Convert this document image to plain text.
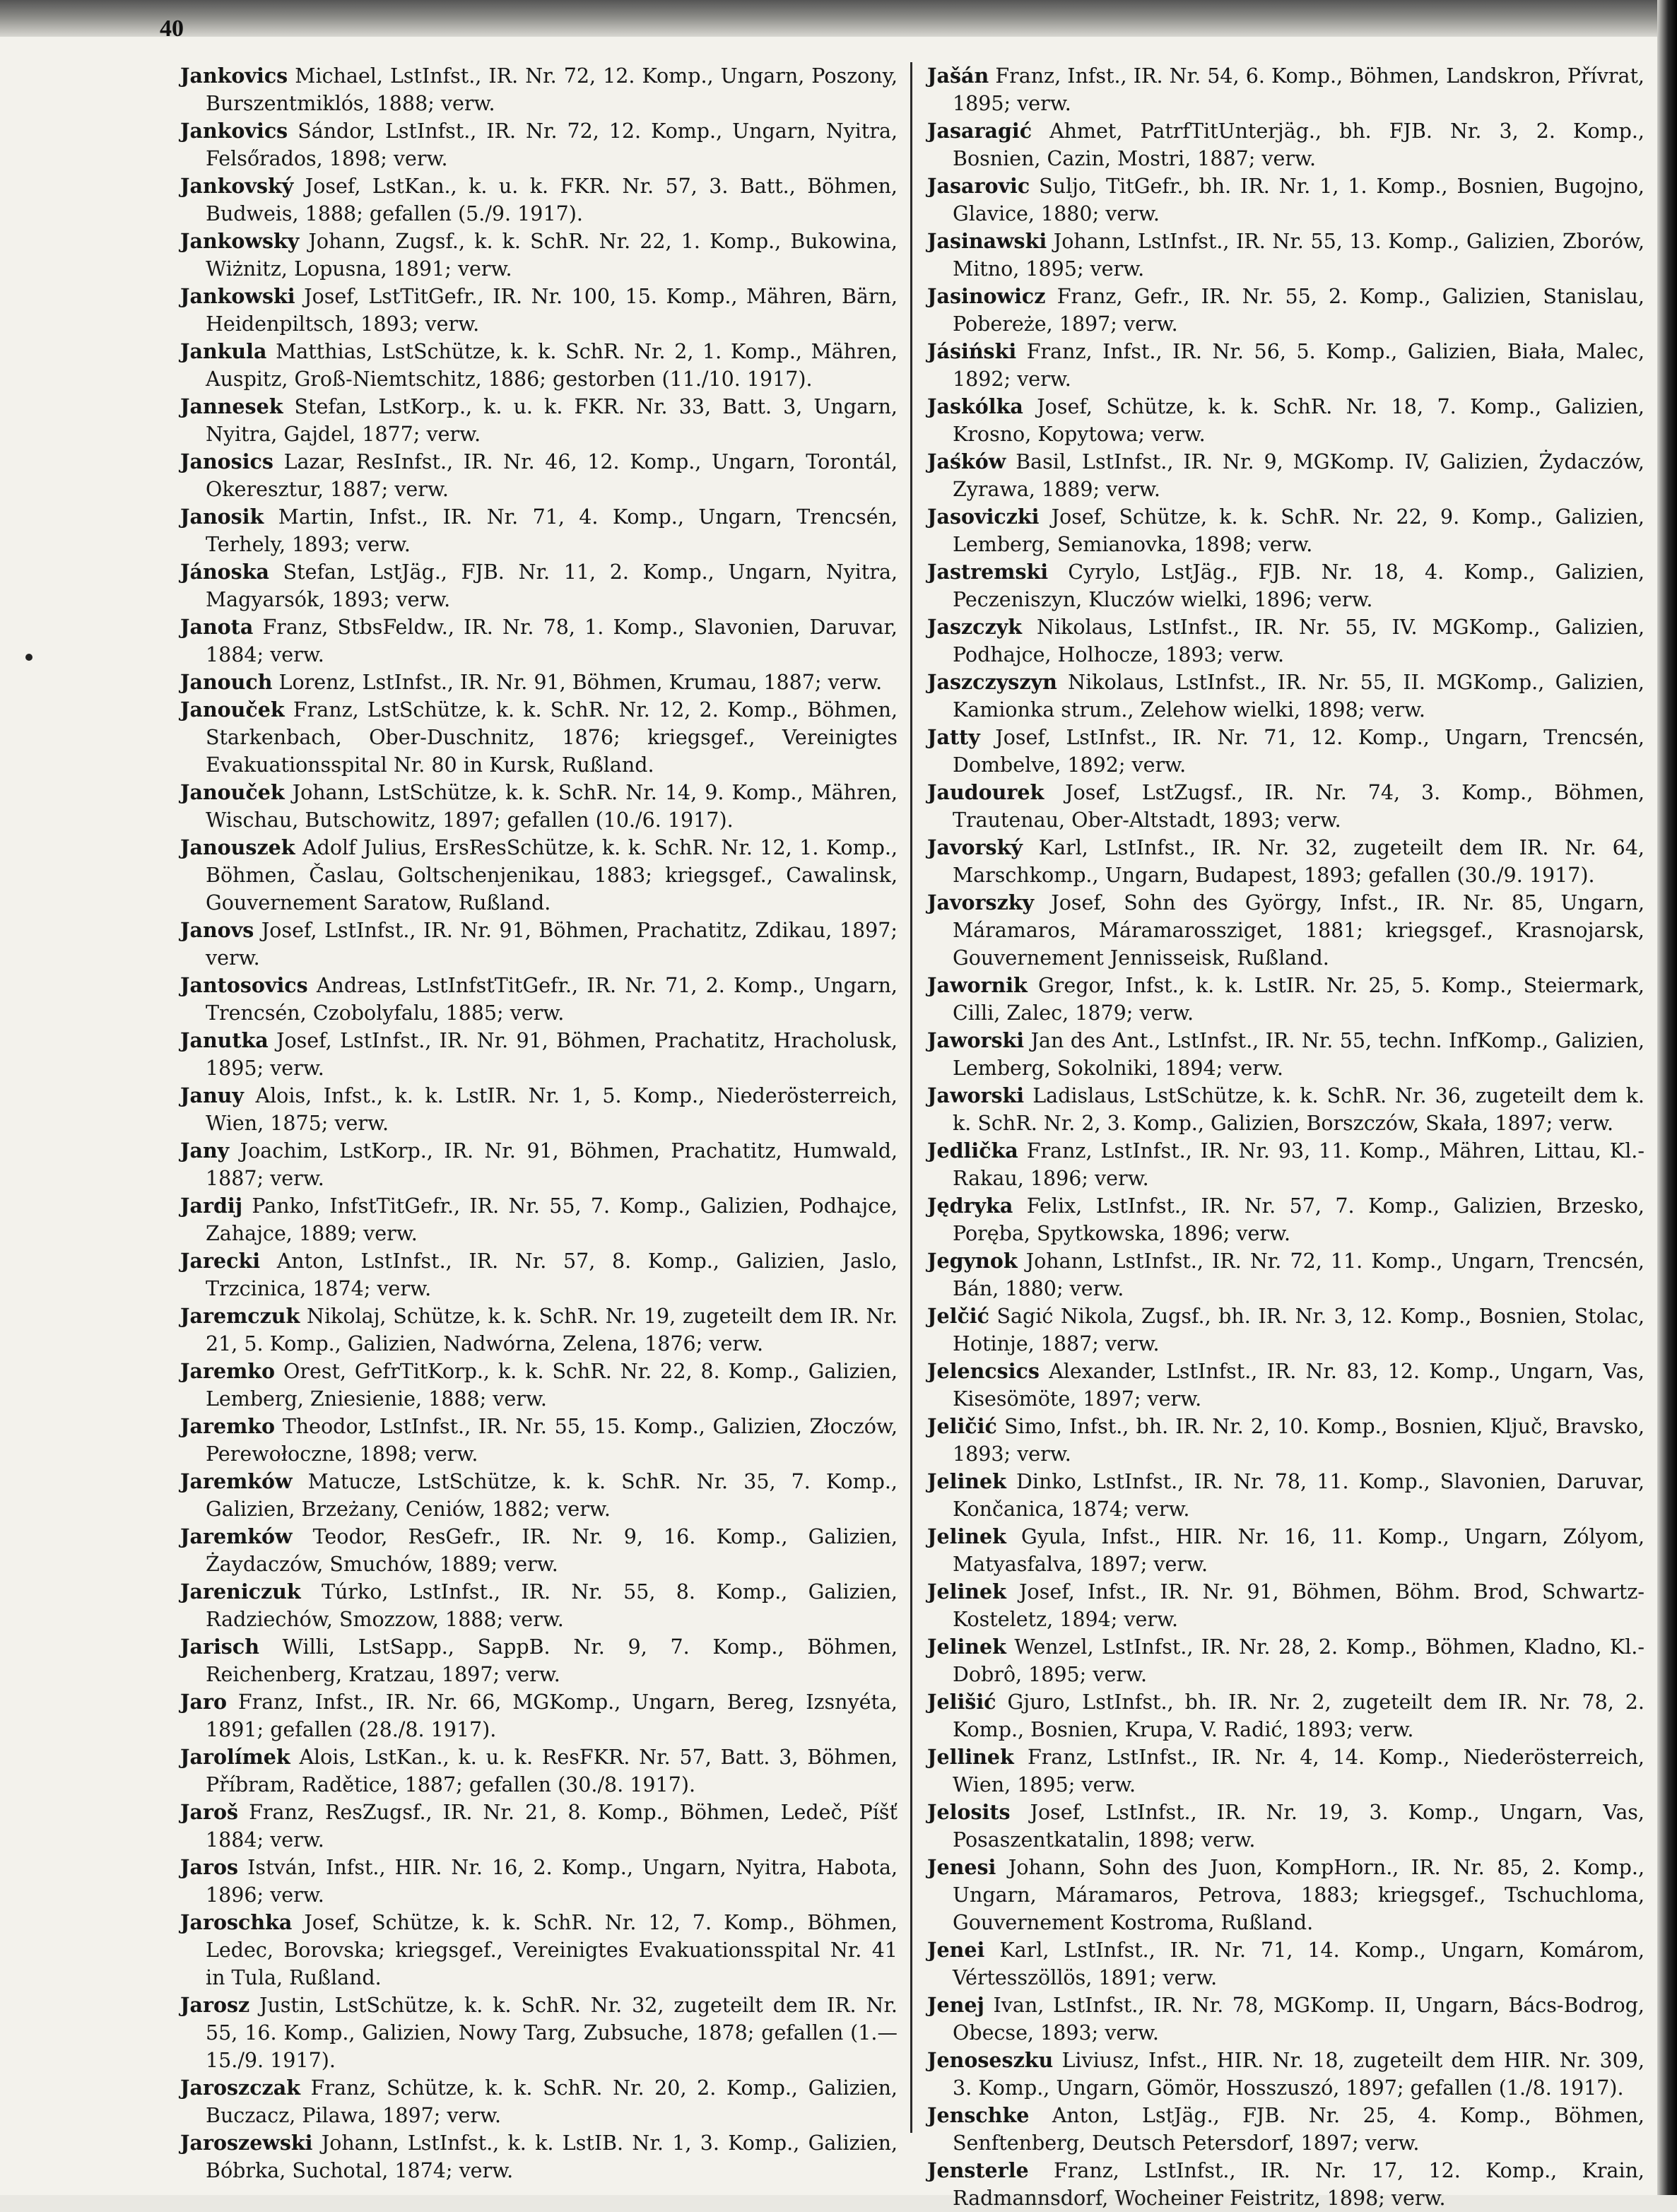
40

Jankovics Michael, LstInfst., IR. Nr. 72, 12. Komp., Ungarn, Poszony, Burszentmiklós, 1888; verw.

Jankovics Sándor, LstInfst., IR. Nr. 72, 12. Komp., Ungarn, Nyitra, Felsőrados, 1898; verw.

Jankovský Josef, LstKan., k. u. k. FKR. Nr. 57, 3. Batt., Böhmen, Budweis, 1888; gefallen (5./9. 1917).

Jankowsky Johann, Zugsf., k. k. SchR. Nr. 22, 1. Komp., Bukowina, Wiżnitz, Lopusna, 1891; verw.

Jankowski Josef, LstTitGefr., IR. Nr. 100, 15. Komp., Mähren, Bärn, Heidenpiltsch, 1893; verw.

Jankula Matthias, LstSchütze, k. k. SchR. Nr. 2, 1. Komp., Mähren, Auspitz, Groß-Niemtschitz, 1886; gestorben (11./10. 1917).

Jannesek Stefan, LstKorp., k. u. k. FKR. Nr. 33, Batt. 3, Ungarn, Nyitra, Gajdel, 1877; verw.

Janosics Lazar, ResInfst., IR. Nr. 46, 12. Komp., Ungarn, Torontál, Okeresztur, 1887; verw.

Janosik Martin, Infst., IR. Nr. 71, 4. Komp., Ungarn, Trencsén, Terhely, 1893; verw.

Jánoska Stefan, LstJäg., FJB. Nr. 11, 2. Komp., Ungarn, Nyitra, Magyarsók, 1893; verw.

Janota Franz, StbsFeldw., IR. Nr. 78, 1. Komp., Slavonien, Daruvar, 1884; verw.

Janouch Lorenz, LstInfst., IR. Nr. 91, Böhmen, Krumau, 1887; verw.

Janouček Franz, LstSchütze, k. k. SchR. Nr. 12, 2. Komp., Böhmen, Starkenbach, Ober-Duschnitz, 1876; kriegsgef., Vereinigtes Evakuationsspital Nr. 80 in Kursk, Rußland.

Janouček Johann, LstSchütze, k. k. SchR. Nr. 14, 9. Komp., Mähren, Wischau, Butschowitz, 1897; gefallen (10./6. 1917).

Janouszek Adolf Julius, ErsResSchütze, k. k. SchR. Nr. 12, 1. Komp., Böhmen, Časlau, Goltschenjenikau, 1883; kriegsgef., Cawalinsk, Gouvernement Saratow, Rußland.

Janovs Josef, LstInfst., IR. Nr. 91, Böhmen, Prachatitz, Zdikau, 1897; verw.

Jantosovics Andreas, LstInfstTitGefr., IR. Nr. 71, 2. Komp., Ungarn, Trencsén, Czobolyfalu, 1885; verw.

Janutka Josef, LstInfst., IR. Nr. 91, Böhmen, Prachatitz, Hracholusk, 1895; verw.

Januy Alois, Infst., k. k. LstIR. Nr. 1, 5. Komp., Niederösterreich, Wien, 1875; verw.

Jany Joachim, LstKorp., IR. Nr. 91, Böhmen, Prachatitz, Humwald, 1887; verw.

Jardij Panko, InfstTitGefr., IR. Nr. 55, 7. Komp., Galizien, Podhajce, Zahajce, 1889; verw.

Jarecki Anton, LstInfst., IR. Nr. 57, 8. Komp., Galizien, Jaslo, Trzcinica, 1874; verw.

Jaremczuk Nikolaj, Schütze, k. k. SchR. Nr. 19, zugeteilt dem IR. Nr. 21, 5. Komp., Galizien, Nadwórna, Zelena, 1876; verw.

Jaremko Orest, GefrTitKorp., k. k. SchR. Nr. 22, 8. Komp., Galizien, Lemberg, Zniesienie, 1888; verw.

Jaremko Theodor, LstInfst., IR. Nr. 55, 15. Komp., Galizien, Złoczów, Perewołoczne, 1898; verw.

Jaremków Matucze, LstSchütze, k. k. SchR. Nr. 35, 7. Komp., Galizien, Brzeżany, Ceniów, 1882; verw.

Jaremków Teodor, ResGefr., IR. Nr. 9, 16. Komp., Galizien, Żaydaczów, Smuchów, 1889; verw.

Jareniczuk Túrko, LstInfst., IR. Nr. 55, 8. Komp., Galizien, Radziechów, Smozzow, 1888; verw.

Jarisch Willi, LstSapp., SappB. Nr. 9, 7. Komp., Böhmen, Reichenberg, Kratzau, 1897; verw.

Jaro Franz, Infst., IR. Nr. 66, MGKomp., Ungarn, Bereg, Izsnyéta, 1891; gefallen (28./8. 1917).

Jarolímek Alois, LstKan., k. u. k. ResFKR. Nr. 57, Batt. 3, Böhmen, Příbram, Radětice, 1887; gefallen (30./8. 1917).

Jaroš Franz, ResZugsf., IR. Nr. 21, 8. Komp., Böhmen, Ledeč, Píšť 1884; verw.

Jaros István, Infst., HIR. Nr. 16, 2. Komp., Ungarn, Nyitra, Habota, 1896; verw.

Jaroschka Josef, Schütze, k. k. SchR. Nr. 12, 7. Komp., Böhmen, Ledec, Borovska; kriegsgef., Vereinigtes Evakuationsspital Nr. 41 in Tula, Rußland.

Jarosz Justin, LstSchütze, k. k. SchR. Nr. 32, zugeteilt dem IR. Nr. 55, 16. Komp., Galizien, Nowy Targ, Zubsuche, 1878; gefallen (1.—15./9. 1917).

Jaroszczak Franz, Schütze, k. k. SchR. Nr. 20, 2. Komp., Galizien, Buczacz, Pilawa, 1897; verw.

Jaroszewski Johann, LstInfst., k. k. LstIB. Nr. 1, 3. Komp., Galizien, Bóbrka, Suchotal, 1874; verw.

Jašán Franz, Infst., IR. Nr. 54, 6. Komp., Böhmen, Landskron, Přívrat, 1895; verw.

Jasaragić Ahmet, PatrfTitUnterjäg., bh. FJB. Nr. 3, 2. Komp., Bosnien, Cazin, Mostri, 1887; verw.

Jasarovic Suljo, TitGefr., bh. IR. Nr. 1, 1. Komp., Bosnien, Bugojno, Glavice, 1880; verw.

Jasinawski Johann, LstInfst., IR. Nr. 55, 13. Komp., Galizien, Zborów, Mitno, 1895; verw.

Jasinowicz Franz, Gefr., IR. Nr. 55, 2. Komp., Galizien, Stanislau, Pobereże, 1897; verw.

Jásiński Franz, Infst., IR. Nr. 56, 5. Komp., Galizien, Biała, Malec, 1892; verw.

Jaskólka Josef, Schütze, k. k. SchR. Nr. 18, 7. Komp., Galizien, Krosno, Kopytowa; verw.

Jaśków Basil, LstInfst., IR. Nr. 9, MGKomp. IV, Galizien, Żydaczów, Zyrawa, 1889; verw.

Jasoviczki Josef, Schütze, k. k. SchR. Nr. 22, 9. Komp., Galizien, Lemberg, Semianovka, 1898; verw.

Jastremski Cyrylo, LstJäg., FJB. Nr. 18, 4. Komp., Galizien, Peczeniszyn, Kluczów wielki, 1896; verw.

Jaszczyk Nikolaus, LstInfst., IR. Nr. 55, IV. MGKomp., Galizien, Podhajce, Holhocze, 1893; verw.

Jaszczyszyn Nikolaus, LstInfst., IR. Nr. 55, II. MGKomp., Galizien, Kamionka strum., Zelehow wielki, 1898; verw.

Jatty Josef, LstInfst., IR. Nr. 71, 12. Komp., Ungarn, Trencsén, Dombelve, 1892; verw.

Jaudourek Josef, LstZugsf., IR. Nr. 74, 3. Komp., Böhmen, Trautenau, Ober-Altstadt, 1893; verw.

Javorský Karl, LstInfst., IR. Nr. 32, zugeteilt dem IR. Nr. 64, Marschkomp., Ungarn, Budapest, 1893; gefallen (30./9. 1917).

Javorszky Josef, Sohn des György, Infst., IR. Nr. 85, Ungarn, Máramaros, Máramarossziget, 1881; kriegsgef., Krasnojarsk, Gouvernement Jennisseisk, Rußland.

Jawornik Gregor, Infst., k. k. LstIR. Nr. 25, 5. Komp., Steiermark, Cilli, Zalec, 1879; verw.

Jaworski Jan des Ant., LstInfst., IR. Nr. 55, techn. InfKomp., Galizien, Lemberg, Sokolniki, 1894; verw.

Jaworski Ladislaus, LstSchütze, k. k. SchR. Nr. 36, zugeteilt dem k. k. SchR. Nr. 2, 3. Komp., Galizien, Borszczów, Skała, 1897; verw.

Jedlička Franz, LstInfst., IR. Nr. 93, 11. Komp., Mähren, Littau, Kl.-Rakau, 1896; verw.

Jędryka Felix, LstInfst., IR. Nr. 57, 7. Komp., Galizien, Brzesko, Poręba, Spytkowska, 1896; verw.

Jegynok Johann, LstInfst., IR. Nr. 72, 11. Komp., Ungarn, Trencsén, Bán, 1880; verw.

Jelčić Sagić Nikola, Zugsf., bh. IR. Nr. 3, 12. Komp., Bosnien, Stolac, Hotinje, 1887; verw.

Jelencsics Alexander, LstInfst., IR. Nr. 83, 12. Komp., Ungarn, Vas, Kisesömöte, 1897; verw.

Jeličić Simo, Infst., bh. IR. Nr. 2, 10. Komp., Bosnien, Ključ, Bravsko, 1893; verw.

Jelinek Dinko, LstInfst., IR. Nr. 78, 11. Komp., Slavonien, Daruvar, Končanica, 1874; verw.

Jelinek Gyula, Infst., HIR. Nr. 16, 11. Komp., Ungarn, Zólyom, Matyasfalva, 1897; verw.

Jelinek Josef, Infst., IR. Nr. 91, Böhmen, Böhm. Brod, Schwartz-Kosteletz, 1894; verw.

Jelinek Wenzel, LstInfst., IR. Nr. 28, 2. Komp., Böhmen, Kladno, Kl.-Dobrô, 1895; verw.

Jelišić Gjuro, LstInfst., bh. IR. Nr. 2, zugeteilt dem IR. Nr. 78, 2. Komp., Bosnien, Krupa, V. Radić, 1893; verw.

Jellinek Franz, LstInfst., IR. Nr. 4, 14. Komp., Niederösterreich, Wien, 1895; verw.

Jelosits Josef, LstInfst., IR. Nr. 19, 3. Komp., Ungarn, Vas, Posaszentkatalin, 1898; verw.

Jenesi Johann, Sohn des Juon, KompHorn., IR. Nr. 85, 2. Komp., Ungarn, Máramaros, Petrova, 1883; kriegsgef., Tschuchloma, Gouvernement Kostroma, Rußland.

Jenei Karl, LstInfst., IR. Nr. 71, 14. Komp., Ungarn, Komárom, Vértesszöllös, 1891; verw.

Jenej Ivan, LstInfst., IR. Nr. 78, MGKomp. II, Ungarn, Bács-Bodrog, Obecse, 1893; verw.

Jenoseszku Liviusz, Infst., HIR. Nr. 18, zugeteilt dem HIR. Nr. 309, 3. Komp., Ungarn, Gömör, Hosszuszó, 1897; gefallen (1./8. 1917).

Jenschke Anton, LstJäg., FJB. Nr. 25, 4. Komp., Böhmen, Senftenberg, Deutsch Petersdorf, 1897; verw.

Jensterle Franz, LstInfst., IR. Nr. 17, 12. Komp., Krain, Radmannsdorf, Wocheiner Feistritz, 1898; verw.
